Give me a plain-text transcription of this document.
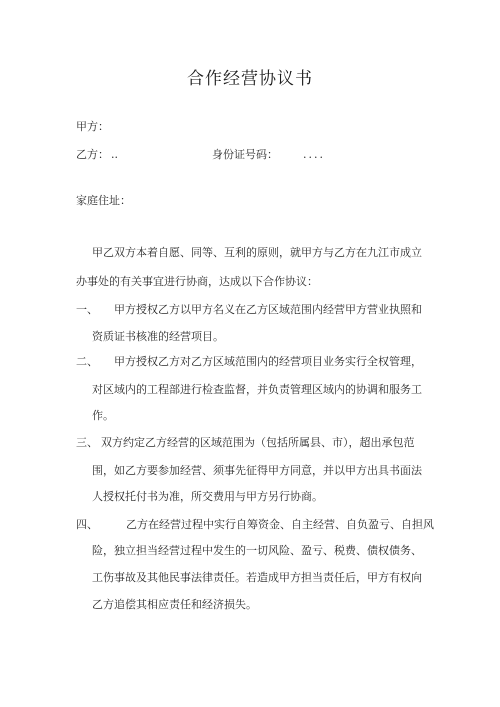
合作经营协议书
甲方：
乙方： ..	身份证号码： ....
家庭住址：
甲乙双方本着自愿、同等、互利的原则，就甲方与乙方在九江市成立
办事处的有关事宜进行协商，达成以下合作协议：
一、 甲方授权乙方以甲方名义在乙方区域范围内经营甲方营业执照和
资质证书核准的经营项目。
二、 甲方授权乙方对乙方区域范围内的经营项目业务实行全权管理，
对区域内的工程部进行检查监督，并负责管理区域内的协调和服务工
作。
三、 双方约定乙方经营的区域范围为（包括所属县、市），超出承包范
围，如乙方要参加经营、须事先征得甲方同意，并以甲方出具书面法
人授权托付书为准，所交费用与甲方另行协商。
四、	乙方在经营过程中实行自筹资金、自主经营、自负盈亏、自担风
险，独立担当经营过程中发生的一切风险、盈亏、税费、债权债务、
工伤事故及其他民事法律责任。若造成甲方担当责任后，甲方有权向
乙方追偿其相应责任和经济损失。
